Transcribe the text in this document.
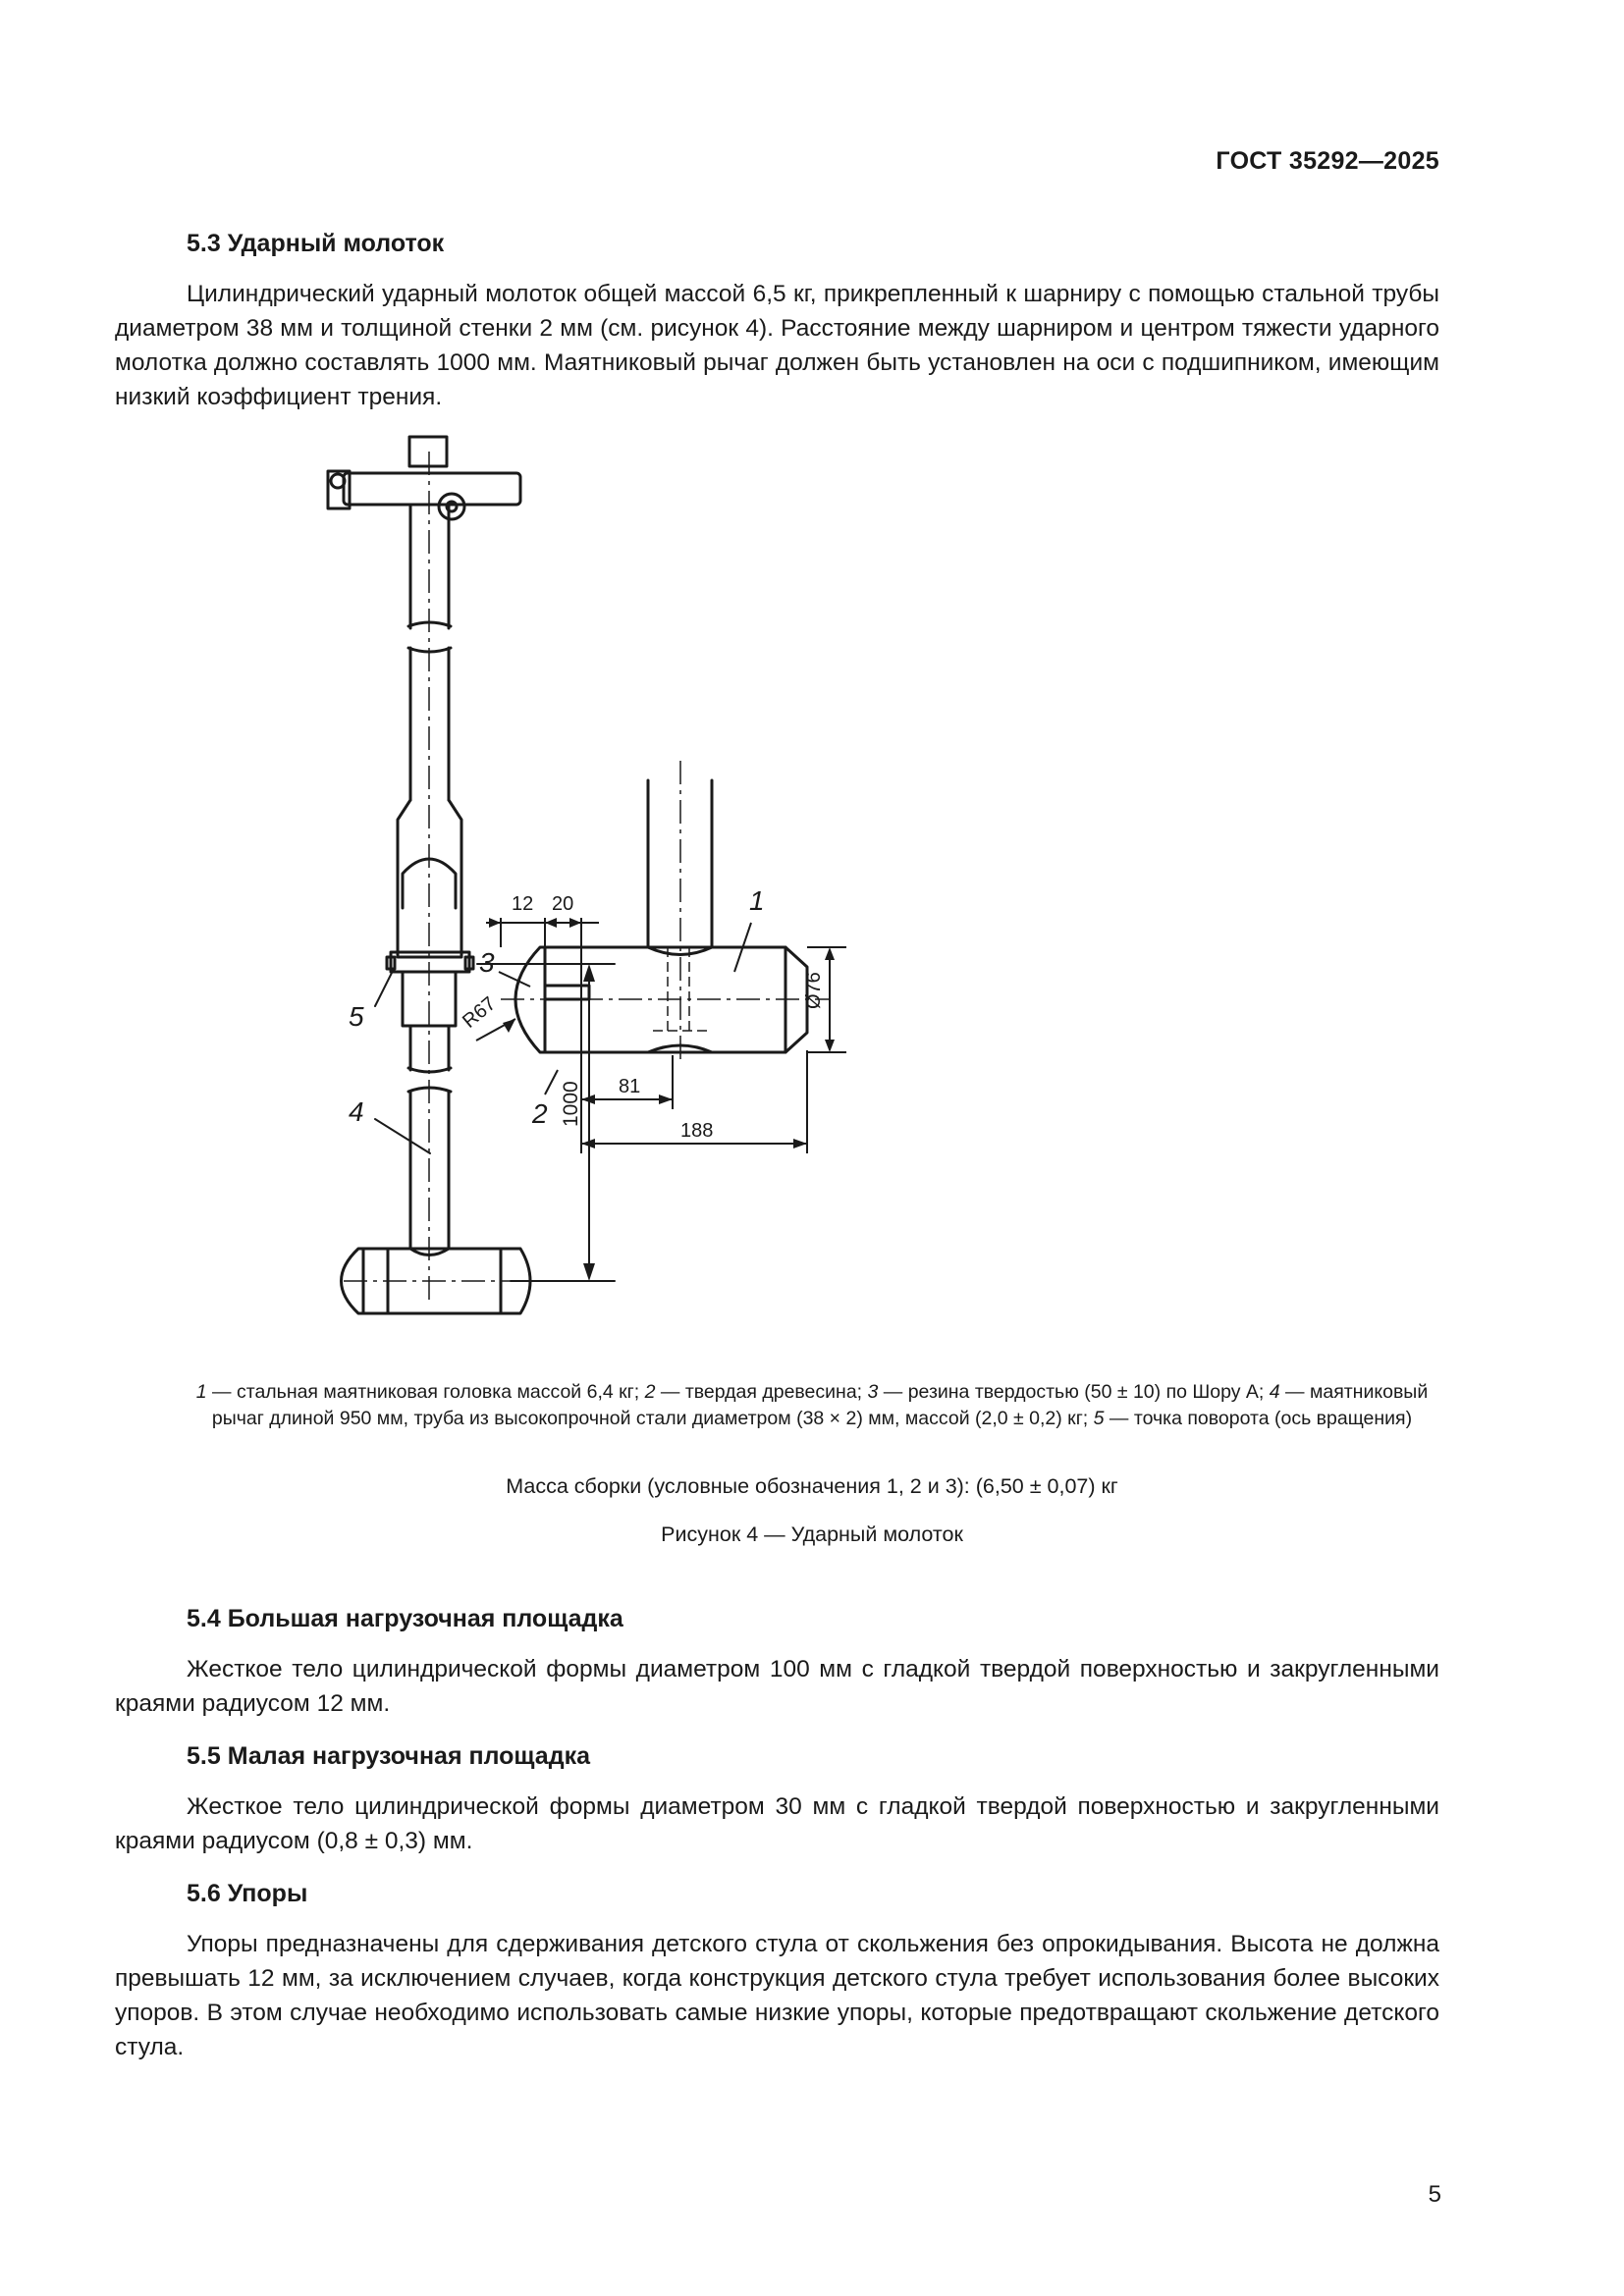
ГОСТ 35292—2025
5.3 Ударный молоток

Цилиндрический ударный молоток общей массой 6,5 кг, прикрепленный к шарниру с помощью стальной трубы диаметром 38 мм и толщиной стенки 2 мм (см. рисунок 4). Расстояние между шарниром и центром тяжести ударного молотка должно составлять 1000 мм. Маятниковый рычаг должен быть установлен на оси с подшипником, имеющим низкий коэффициент трения.

5
4	1000
12 20	1
3
Ø76
R67
2
81
188

1 — стальная маятниковая головка массой 6,4 кг; 2 — твердая древесина; 3 — резина твердостью (50 ± 10) по Шору А; 4 — маятниковый рычаг длиной 950 мм, труба из высокопрочной стали диаметром (38 × 2) мм, массой (2,0 ± 0,2) кг; 5 — точка поворота (ось вращения)

Масса сборки (условные обозначения 1, 2 и 3): (6,50 ± 0,07) кг

Рисунок 4 — Ударный молоток

5.4 Большая нагрузочная площадка

Жесткое тело цилиндрической формы диаметром 100 мм с гладкой твердой поверхностью и закругленными краями радиусом 12 мм.

5.5 Малая нагрузочная площадка

Жесткое тело цилиндрической формы диаметром 30 мм с гладкой твердой поверхностью и закругленными краями радиусом (0,8 ± 0,3) мм.

5.6 Упоры

Упоры предназначены для сдерживания детского стула от скольжения без опрокидывания. Высота не должна превышать 12 мм, за исключением случаев, когда конструкция детского стула требует использования более высоких упоров. В этом случае необходимо использовать самые низкие упоры, которые предотвращают скольжение детского стула.

5
